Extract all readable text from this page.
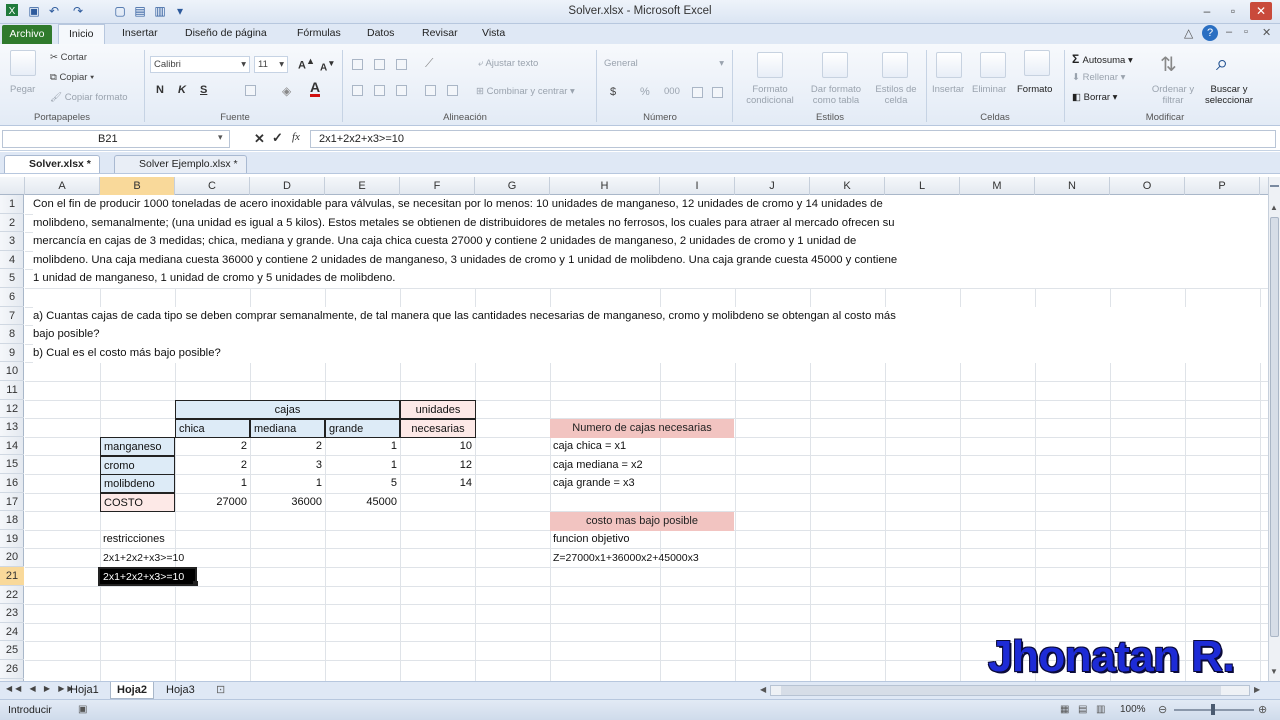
X ▣ ↶ ↷	▢ ▤ ▥ ▾	Solver.xlsx - Microsoft Excel	–	▫	✕
Archivo	Inicio	Insertar	Diseño de página	Fórmulas	Datos	Revisar	Vista	△	?	– ▫ ✕
Pegar
✂ Cortar
⧉ Copiar ▾
🖌 Copiar formato
Portapapeles
Calibri	▾	11 ▾ A▲
A▼
N K S	◈ A
Fuente
⟋	⤶ Ajustar texto
⊞ Combinar y centrar ▾
Alineación
General	▾
$ % 000
Número
Formato condicional
Dar formato como tabla
Estilos de celda
Estilos
Insertar Eliminar Formato
Celdas
Σ Autosuma ▾
⬇ Rellenar ▾
◧ Borrar ▾
⇅
Ordenar y filtrar
⌕
Buscar y seleccionar
Modificar
B21	▾ ✕ ✓ fx	2x1+2x2+x3>=10
Solver.xlsx *	Solver Ejemplo.xlsx *
A	B	C	D	E	F	G	H	I	J	K	L	M	N	O	P
1
2
3
4
5
6
7
8
9
10
11
12
13
14
15
16
17
18
19
20
21
22
23
24
25
26
Con el fin de producir 1000 toneladas de acero inoxidable para válvulas, se necesitan por lo menos: 10 unidades de manganeso, 12 unidades de cromo y 14 unidades de
molibdeno, semanalmente; (una unidad es igual a 5 kilos). Estos metales se obtienen de distribuidores de metales no ferrosos, los cuales para atraer al mercado ofrecen su
mercancía en cajas de 3 medidas; chica, mediana y grande. Una caja chica cuesta 27000 y contiene 2 unidades de manganeso, 2 unidades de cromo y 1 unidad de
molibdeno. Una caja mediana cuesta 36000 y contiene 2 unidades de manganeso, 3 unidades de cromo y 1 unidad de molibdeno. Una caja grande cuesta 45000 y contiene
1 unidad de manganeso, 1 unidad de cromo y 5 unidades de molibdeno.
a) Cuantas cajas de cada tipo se deben comprar semanalmente, de tal manera que las cantidades necesarias de manganeso, cromo y molibdeno se obtengan al costo más
bajo posible?
b) Cual es el costo más bajo posible?
cajas	unidades
chica	mediana	grande	necesarias
manganeso	2	2	1	10
cromo	2	3	1	12
molibdeno	1	1	5	14
COSTO	27000	36000	45000
restricciones
2x1+2x2+x3>=10
2x1+2x2+x3>=10
Numero de cajas necesarias
caja chica = x1
caja mediana = x2
caja grande = x3
costo mas bajo posible
funcion objetivo
Z=27000x1+36000x2+45000x3
▲
▼
◀◀ ◀ ▶ ▶▶
Hoja1	Hoja2	Hoja3	⊡	◀	▶
Introducir	▣	▦ ▤ ▥ 100% ⊖	⊕
Jhonatan R.
